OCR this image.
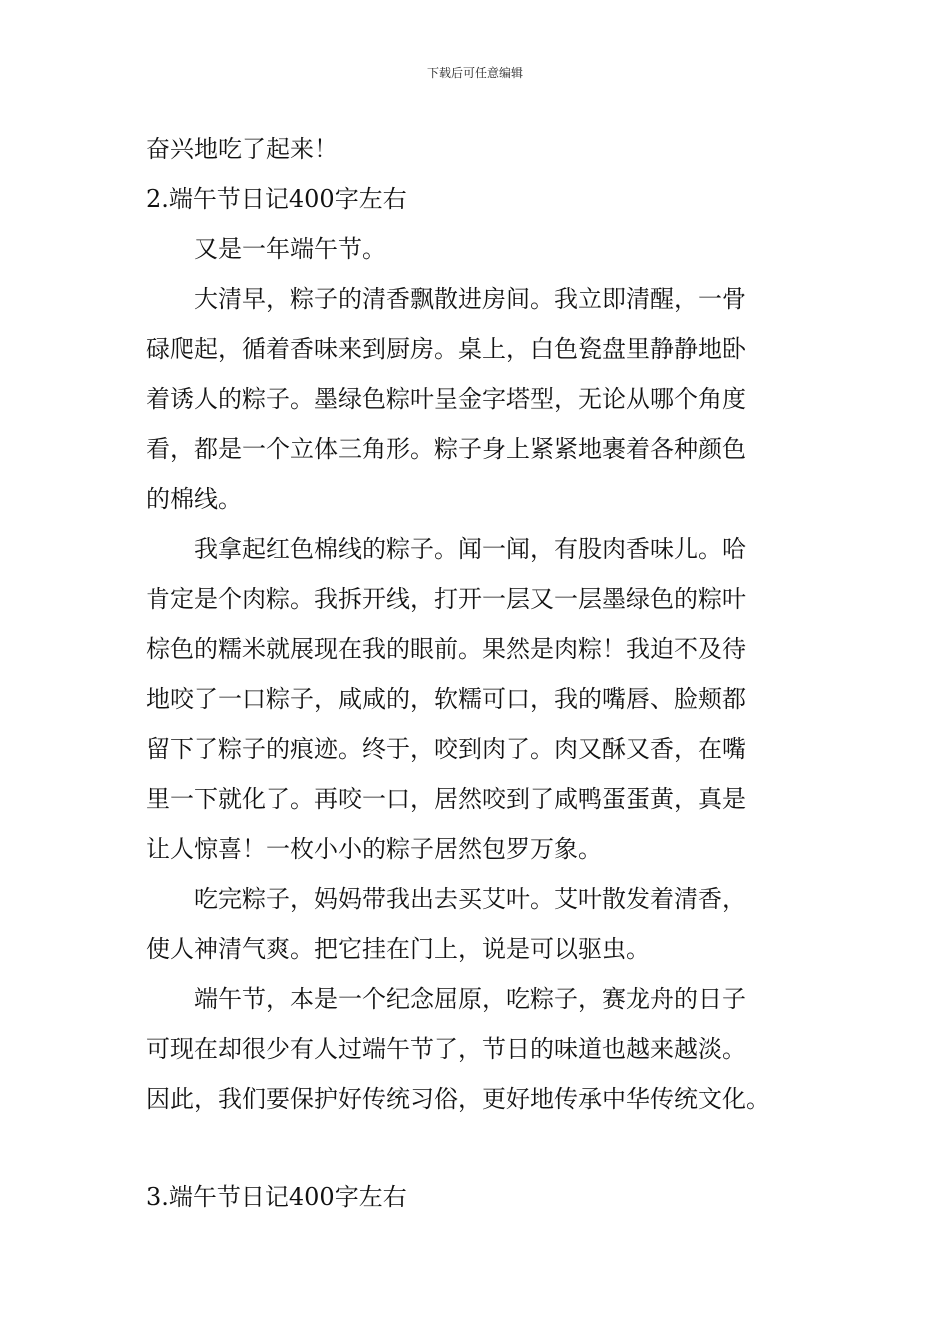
下载后可任意编辑
奋兴地吃了起来！
2.端午节日记400字左右
　　又是一年端午节。
　　大清早，粽子的清香飘散进房间。我立即清醒，一骨
碌爬起，循着香味来到厨房。桌上，白色瓷盘里静静地卧
着诱人的粽子。墨绿色粽叶呈金字塔型，无论从哪个角度
看，都是一个立体三角形。粽子身上紧紧地裹着各种颜色
的棉线。
　　我拿起红色棉线的粽子。闻一闻，有股肉香味儿。哈
肯定是个肉粽。我拆开线，打开一层又一层墨绿色的粽叶
棕色的糯米就展现在我的眼前。果然是肉粽！我迫不及待
地咬了一口粽子，咸咸的，软糯可口，我的嘴唇、脸颊都
留下了粽子的痕迹。终于，咬到肉了。肉又酥又香，在嘴
里一下就化了。再咬一口，居然咬到了咸鸭蛋蛋黄，真是
让人惊喜！一枚小小的粽子居然包罗万象。
　　吃完粽子，妈妈带我出去买艾叶。艾叶散发着清香，
使人神清气爽。把它挂在门上，说是可以驱虫。
　　端午节，本是一个纪念屈原，吃粽子，赛龙舟的日子
可现在却很少有人过端午节了，节日的味道也越来越淡。
因此，我们要保护好传统习俗，更好地传承中华传统文化。
3.端午节日记400字左右
